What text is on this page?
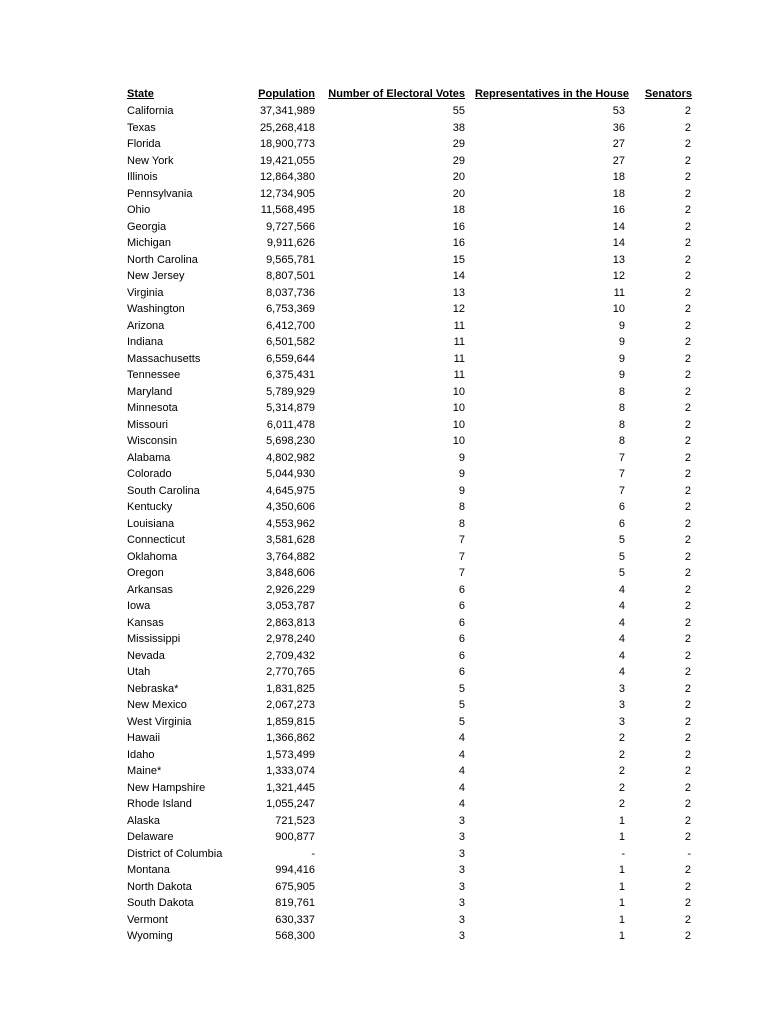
State	Population	Number of Electoral Votes	Representatives in the House	Senators
California	37,341,989	55	53	2
Texas	25,268,418	38	36	2
Florida	18,900,773	29	27	2
New York	19,421,055	29	27	2
Illinois	12,864,380	20	18	2
Pennsylvania	12,734,905	20	18	2
Ohio	11,568,495	18	16	2
Georgia	9,727,566	16	14	2
Michigan	9,911,626	16	14	2
North Carolina	9,565,781	15	13	2
New Jersey	8,807,501	14	12	2
Virginia	8,037,736	13	11	2
Washington	6,753,369	12	10	2
Arizona	6,412,700	11	9	2
Indiana	6,501,582	11	9	2
Massachusetts	6,559,644	11	9	2
Tennessee	6,375,431	11	9	2
Maryland	5,789,929	10	8	2
Minnesota	5,314,879	10	8	2
Missouri	6,011,478	10	8	2
Wisconsin	5,698,230	10	8	2
Alabama	4,802,982	9	7	2
Colorado	5,044,930	9	7	2
South Carolina	4,645,975	9	7	2
Kentucky	4,350,606	8	6	2
Louisiana	4,553,962	8	6	2
Connecticut	3,581,628	7	5	2
Oklahoma	3,764,882	7	5	2
Oregon	3,848,606	7	5	2
Arkansas	2,926,229	6	4	2
Iowa	3,053,787	6	4	2
Kansas	2,863,813	6	4	2
Mississippi	2,978,240	6	4	2
Nevada	2,709,432	6	4	2
Utah	2,770,765	6	4	2
Nebraska*	1,831,825	5	3	2
New Mexico	2,067,273	5	3	2
West Virginia	1,859,815	5	3	2
Hawaii	1,366,862	4	2	2
Idaho	1,573,499	4	2	2
Maine*	1,333,074	4	2	2
New Hampshire	1,321,445	4	2	2
Rhode Island	1,055,247	4	2	2
Alaska	721,523	3	1	2
Delaware	900,877	3	1	2
District of Columbia	-	3	-	-
Montana	994,416	3	1	2
North Dakota	675,905	3	1	2
South Dakota	819,761	3	1	2
Vermont	630,337	3	1	2
Wyoming	568,300	3	1	2
